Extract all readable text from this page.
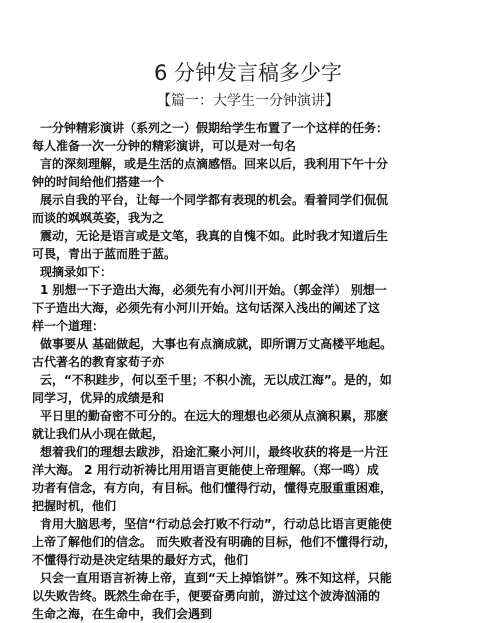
6 分钟发言稿多少字
【篇一：大学生一分钟演讲】
一分钟精彩演讲（系列之一）假期给学生布置了一个这样的任务：
每人准备一次一分钟的精彩演讲，可以是对一句名
言的深刻理解，或是生活的点滴感悟。回来以后，我利用下午十分
钟的时间给他们搭建一个
展示自我的平台，让每一个同学都有表现的机会。看着同学们侃侃
而谈的飒飒英姿，我为之
震动，无论是语言或是文笔，我真的自愧不如。此时我才知道后生
可畏，青出于蓝而胜于蓝。
现摘录如下：
1 别想一下子造出大海，必须先有小河川开始。（郭金洋） 别想一
下子造出大海，必须先有小河川开始。这句话深入浅出的阐述了这
样一个道理：
做事要从 基础做起，大事也有点滴成就，即所谓万丈高楼平地起。
古代著名的教育家荀子亦
云，“不积跬步，何以至千里；不积小流，无以成江海”。是的，如
同学习，优异的成绩是和
平日里的勤奋密不可分的。在远大的理想也必须从点滴积累，那麽
就让我们从小现在做起，
想着我们的理想去跋涉，沿途汇聚小河川，最终收获的将是一片汪
洋大海。 2 用行动祈祷比用用语言更能使上帝理解。（郑一鸣）成
功者有信念，有方向，有目标。他们懂得行动，懂得克服重重困难，
把握时机，他们
肯用大脑思考，坚信“行动总会打败不行动”，行动总比语言更能使
上帝了解他们的信念。 而失败者没有明确的目标，他们不懂得行动，
不懂得行动是决定结果的最好方式，他们
只会一直用语言祈祷上帝，直到“天上掉馅饼”。殊不知这样，只能
以失败告终。既然生命在手，便要奋勇向前，游过这个波涛汹涌的
生命之海，在生命中，我们会遇到
